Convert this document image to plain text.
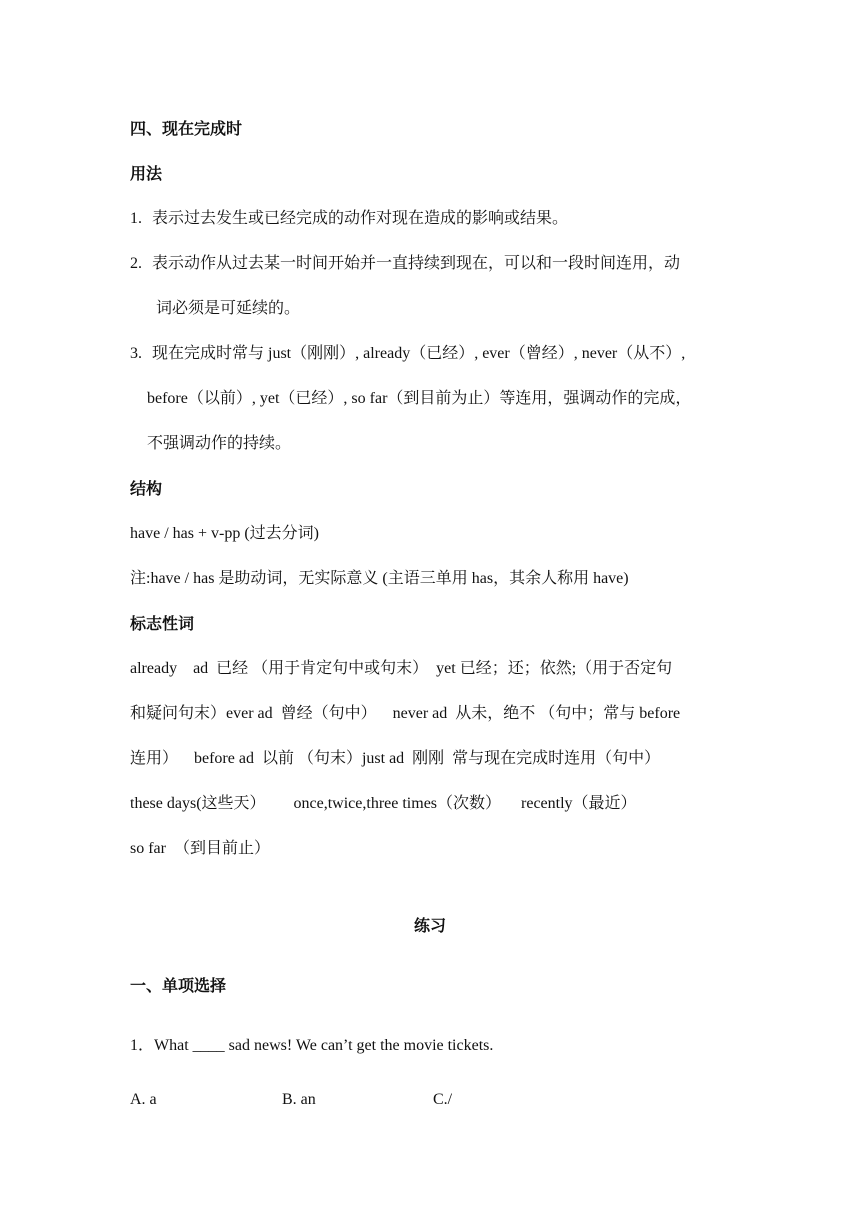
四、现在完成时
用法
1. 表示过去发生或已经完成的动作对现在造成的影响或结果。
2. 表示动作从过去某一时间开始并一直持续到现在，可以和一段时间连用，动
词必须是可延续的。
3. 现在完成时常与 just（刚刚）, already（已经）, ever（曾经）, never（从不）,
before（以前）, yet（已经）, so far（到目前为止）等连用，强调动作的完成，
不强调动作的持续。
结构
have / has + v-pp (过去分词)
注:have / has 是助动词，无实际意义 (主语三单用 has，其余人称用 have)
标志性词
already    ad  已经 （用于肯定句中或句末）  yet 已经；还；依然;（用于否定句
和疑问句末）ever ad  曾经（句中）    never ad  从未，绝不 （句中；常与 before
连用）    before ad  以前 （句末）just ad  刚刚  常与现在完成时连用（句中）
these days(这些天）       once,twice,three times（次数）     recently（最近）
so far  （到目前止）
练习
一、单项选择
1．What ____ sad news! We can’t get the movie tickets.
A. a	B. an	C./
